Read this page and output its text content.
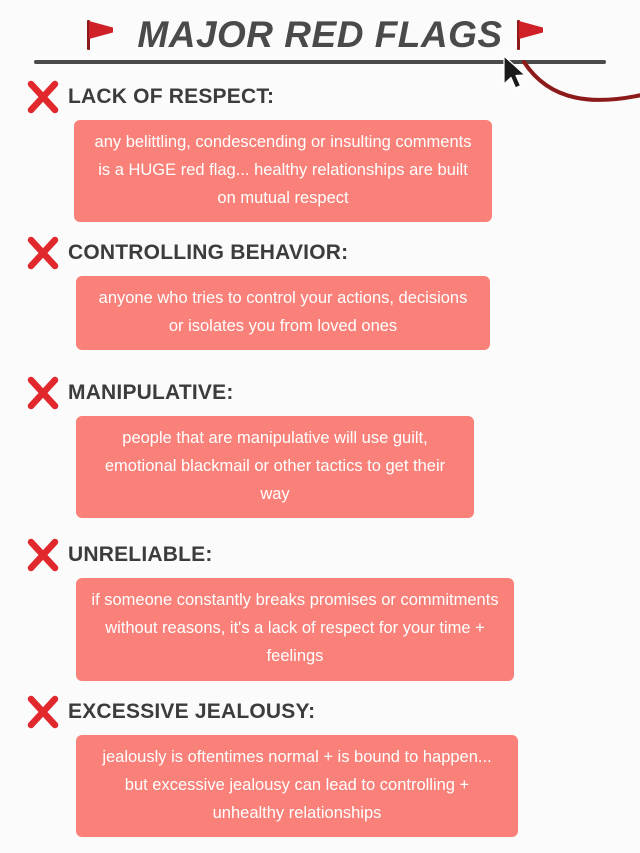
MAJOR RED FLAGS
LACK OF RESPECT:

any belittling, condescending or insulting comments is a HUGE red flag... healthy relationships are built on mutual respect

CONTROLLING BEHAVIOR:

anyone who tries to control your actions, decisions or isolates you from loved ones

MANIPULATIVE:

people that are manipulative will use guilt, emotional blackmail or other tactics to get their way

UNRELIABLE:

if someone constantly breaks promises or commitments without reasons, it's a lack of respect for your time + feelings

EXCESSIVE JEALOUSY:

jealously is oftentimes normal + is bound to happen... but excessive jealousy can lead to controlling + unhealthy relationships
